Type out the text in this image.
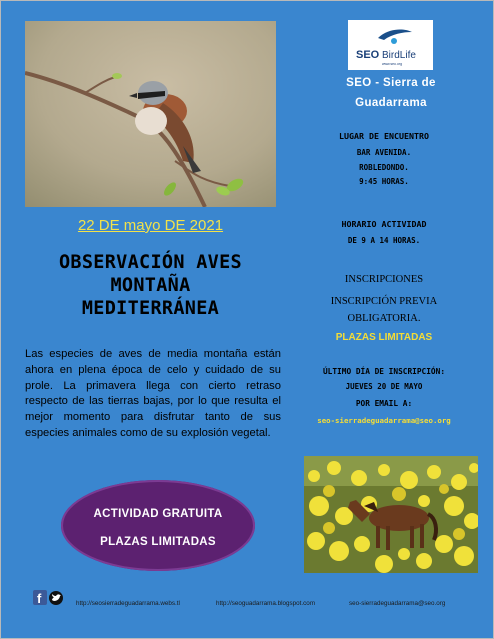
SEO BirdLife
www.seo.org
SEO - Sierra de
Guadarrama
22 DE mayo DE 2021
OBSERVACIÓN AVES
MONTAÑA
MEDITERRÁNEA
Las especies de aves de media montaña están ahora en plena época de celo y cuidado de su prole. La primavera llega con cierto retraso respecto de las tierras bajas, por lo que resulta el mejor momento para disfrutar tanto de sus especies animales como de su explosión vegetal.
ACTIVIDAD GRATUITA
PLAZAS LIMITADAS
LUGAR DE ENCUENTRO
BAR AVENIDA.
ROBLEDONDO.
9:45 HORAS.
HORARIO ACTIVIDAD
DE 9 A 14 HORAS.
INSCRIPCIONES
INSCRIPCIÓN PREVIA
OBLIGATORIA.
PLAZAS LIMITADAS
ÚLTIMO DÍA DE INSCRIPCIÓN:
JUEVES 20 DE MAYO
POR EMAIL A:
seo-sierradeguadarrama@seo.org
f	http://seosierradeguadarrama.webs.tl	http://seoguadarrama.blogspot.com	seo-sierradeguadarrama@seo.org
